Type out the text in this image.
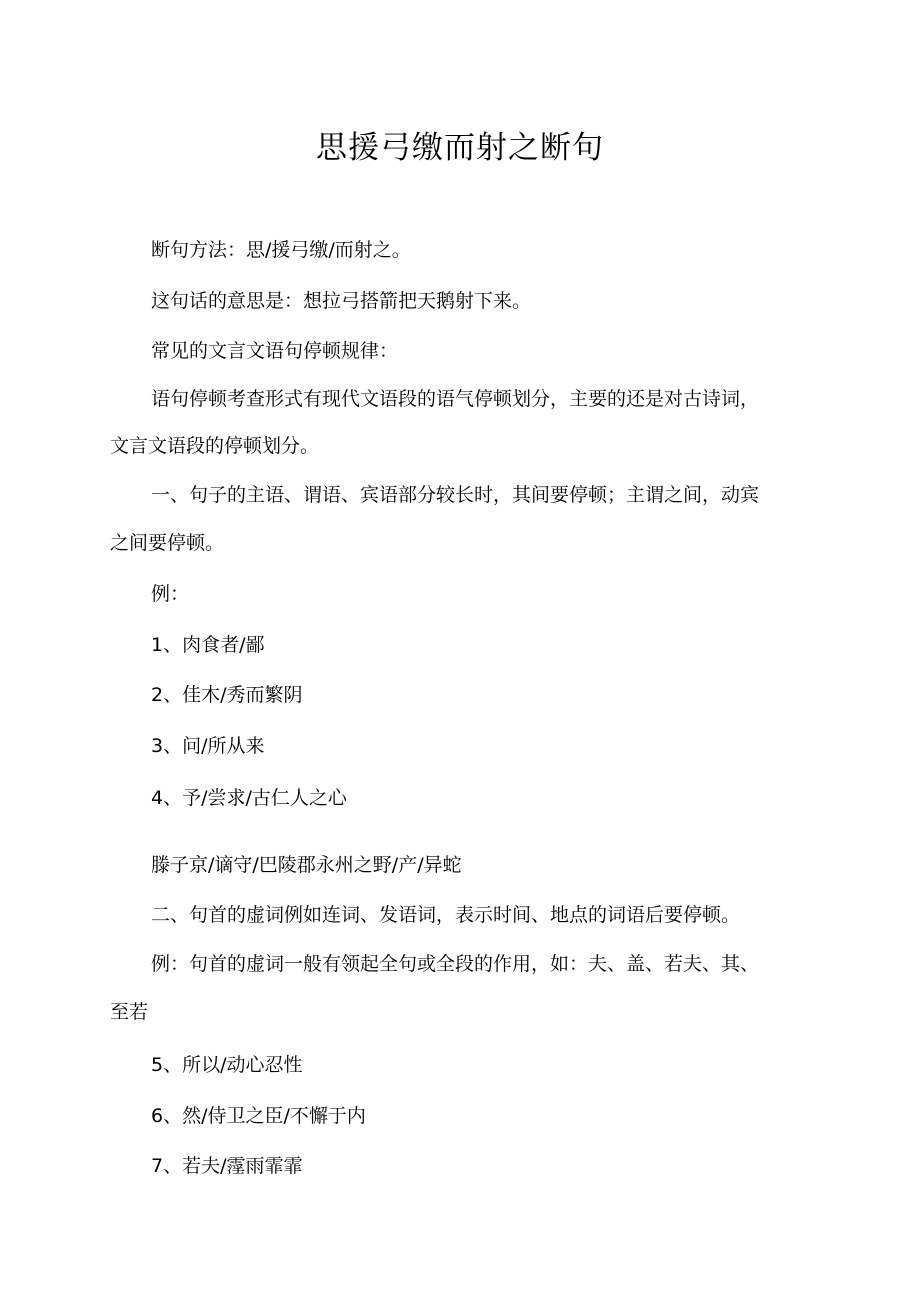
思援弓缴而射之断句
断句方法：思/援弓缴/而射之。
这句话的意思是：想拉弓搭箭把天鹅射下来。
常见的文言文语句停顿规律：
语句停顿考查形式有现代文语段的语气停顿划分，主要的还是对古诗词，
文言文语段的停顿划分。
一、句子的主语、谓语、宾语部分较长时，其间要停顿；主谓之间，动宾
之间要停顿。
例：
1、肉食者/鄙
2、佳木/秀而繁阴
3、问/所从来
4、予/尝求/古仁人之心
滕子京/谪守/巴陵郡永州之野/产/异蛇
二、句首的虚词例如连词、发语词，表示时间、地点的词语后要停顿。
例：句首的虚词一般有领起全句或全段的作用，如：夫、盖、若夫、其、
至若
5、所以/动心忍性
6、然/侍卫之臣/不懈于内
7、若夫/霪雨霏霏
